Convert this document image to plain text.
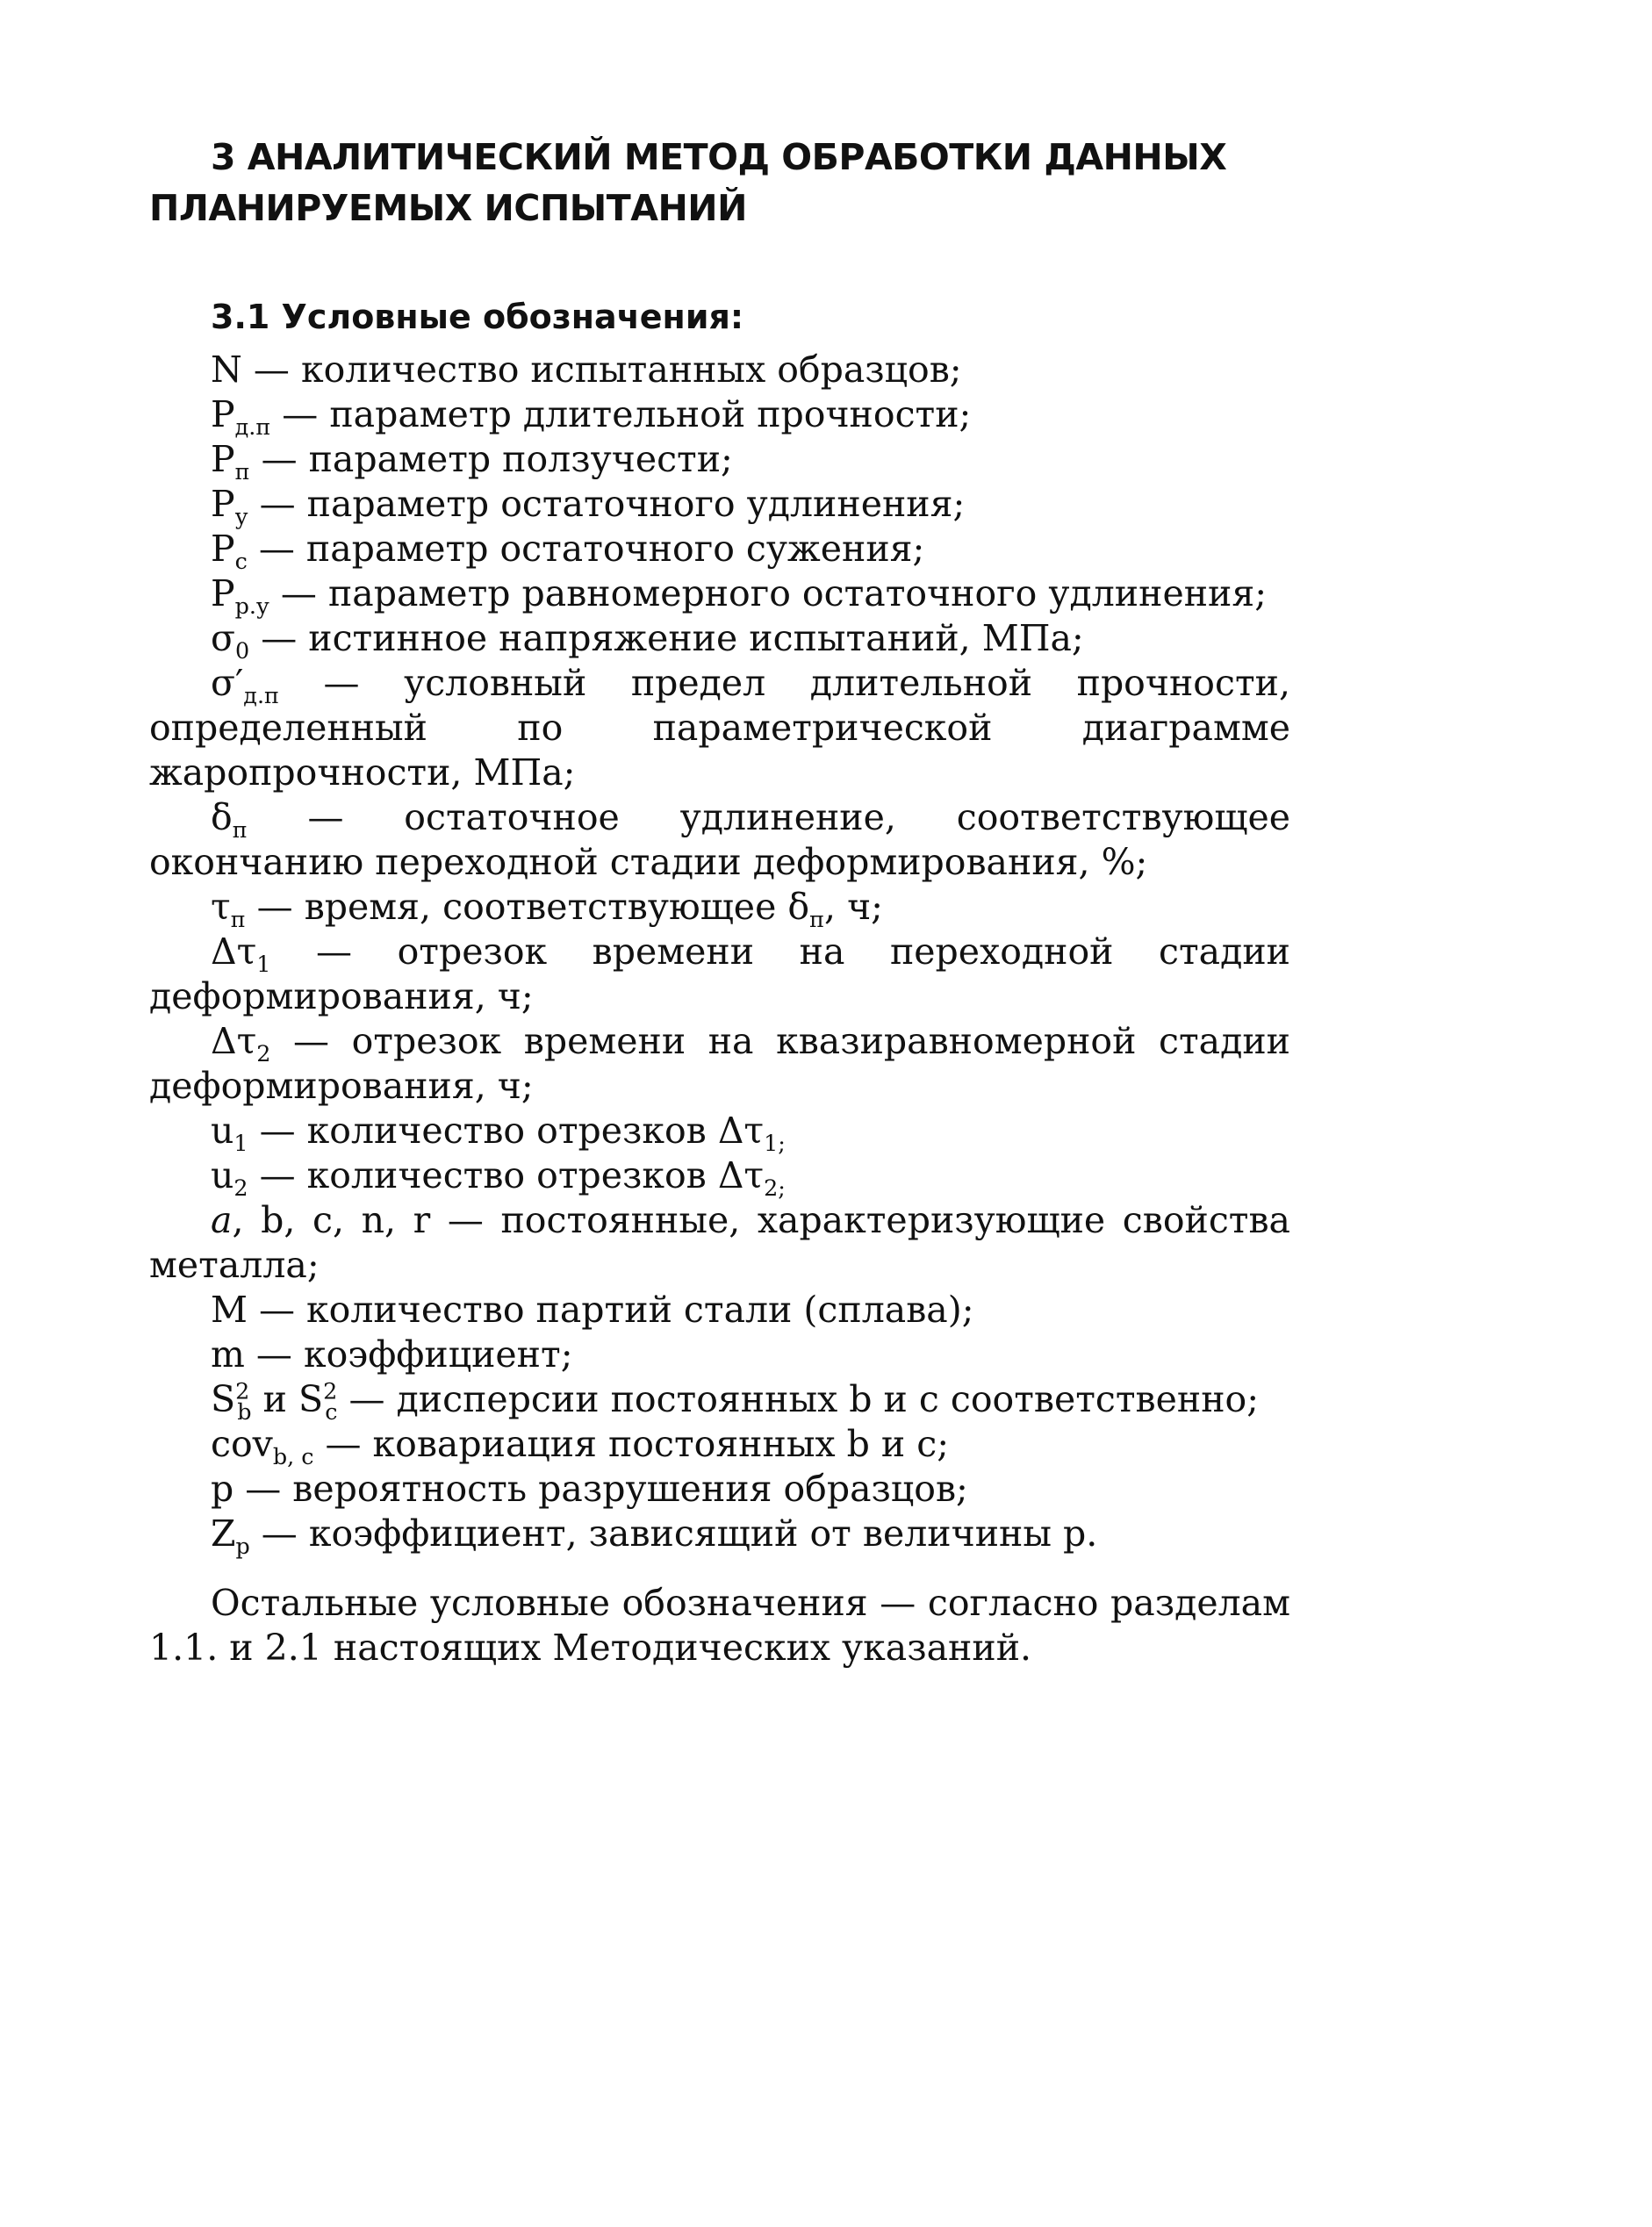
3 АНАЛИТИЧЕСКИЙ МЕТОД ОБРАБОТКИ ДАННЫХ
ПЛАНИРУЕМЫХ ИСПЫТАНИЙ
3.1 Условные обозначения:

N — количество испытанных образцов;

$P_{д.п}$ — параметр длительной прочности;

$P_п$ — параметр ползучести;

$P_у$ — параметр остаточного удлинения;

$P_с$ — параметр остаточного сужения;

$P_{р.у}$ — параметр равномерного остаточного удлинения;

$\sigma_0$ — истинное напряжение испытаний, МПа;

$\sigma'_{д.п}$ — условный предел длительной прочности, определенный по параметрической диаграмме жаропрочности, МПа;

$\delta_п$ — остаточное удлинение, соответствующее окончанию переходной стадии деформирования, %;

$\tau_п$ — время, соответствующее $\delta_п$, ч;

$\Delta\tau_1$ — отрезок времени на переходной стадии деформирования, ч;

$\Delta\tau_2$ — отрезок времени на квазиравномерной стадии деформирования, ч;

$u_1$ — количество отрезков $\Delta\tau_{1;}$

$u_2$ — количество отрезков $\Delta\tau_{2;}$

a, b, c, n, r — постоянные, характеризующие свойства металла;

M — количество партий стали (сплава);

m — коэффициент;

$S^2_b$ и $S^2_c$ — дисперсии постоянных b и c соответственно;

cov$_{b, c}$ — ковариация постоянных b и c;

p — вероятность разрушения образцов;

$Z_p$ — коэффициент, зависящий от величины p.

Остальные условные обозначения — согласно разделам 1.1. и 2.1 настоящих Методических указаний.
